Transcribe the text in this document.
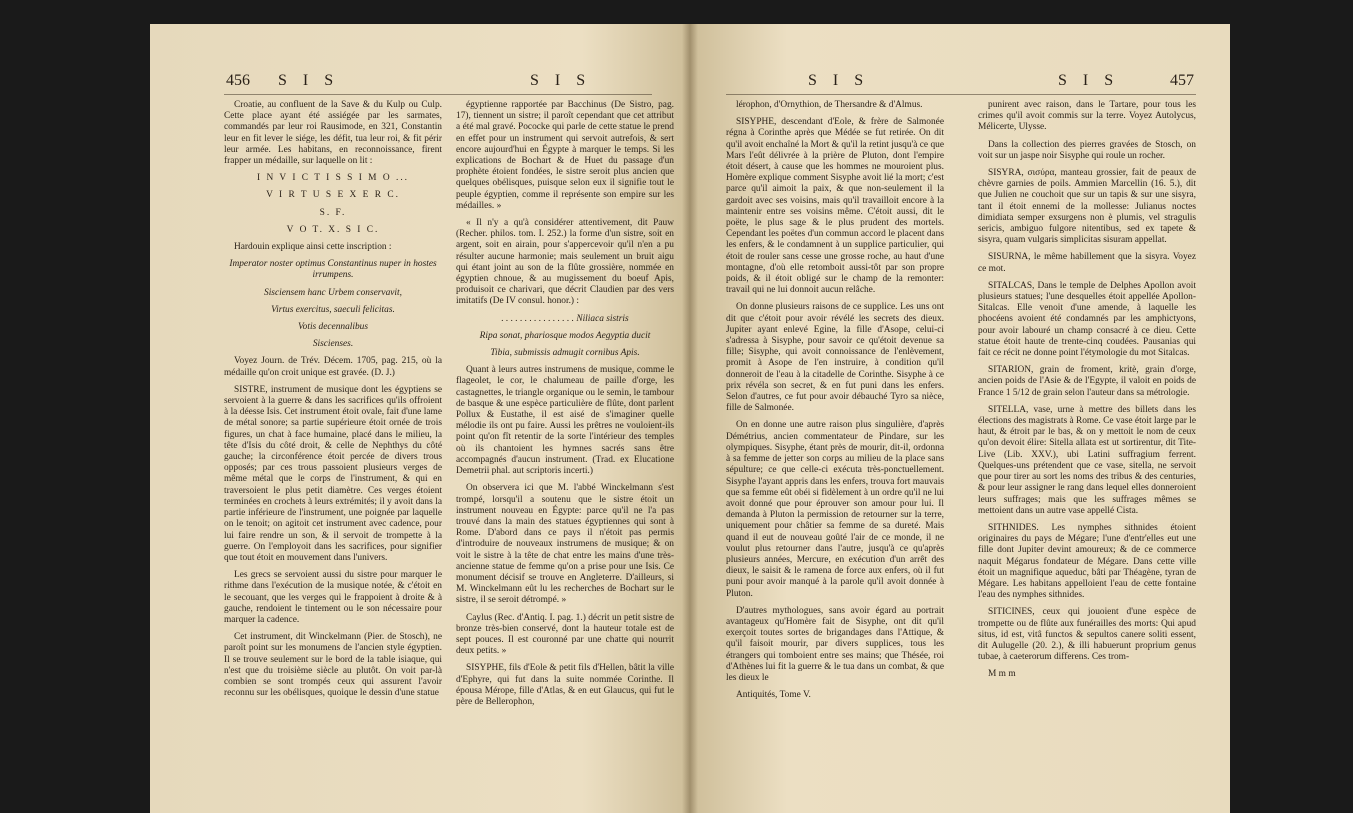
456 S I S	S I S

Croatie, au confluent de la Save & du Kulp ou Culp. Cette place ayant été assiégée par les sarmates, commandés par leur roi Rausimode, en 321, Constantin leur en fit lever le siége, les défit, tua leur roi, & fit périr leur armée. Les habitans, en reconnoissance, firent frapper un médaille, sur laquelle on lit :

I N V I C T I S S I M O ...

V I R T U S E X E R C.

S. F.

V O T. X. S I C.

Hardouin explique ainsi cette inscription :

Imperator noster optimus Constantinus nuper in hostes irrumpens.

Sisciensem hanc Urbem conservavit,

Virtus exercitus, saeculi felicitas.

Votis decennalibus

Siscienses.

Voyez Journ. de Trév. Décem. 1705, pag. 215, où la médaille qu'on croit unique est gravée. (D. J.)

SISTRE, instrument de musique dont les égyptiens se servoient à la guerre & dans les sacrifices qu'ils offroient à la déesse Isis. Cet instrument étoit ovale, fait d'une lame de métal sonore; sa partie supérieure étoit ornée de trois figures, un chat à face humaine, placé dans le milieu, la tête d'Isis du côté droit, & celle de Nephthys du côté gauche; la circonférence étoit percée de divers trous opposés; par ces trous passoient plusieurs verges de même métal que le corps de l'instrument, & qui en traversoient le plus petit diamètre. Ces verges étoient terminées en crochets à leurs extrémités; il y avoit dans la partie inférieure de l'instrument, une poignée par laquelle on le tenoit; on agitoit cet instrument avec cadence, pour lui faire rendre un son, & il servoit de trompette à la guerre. On l'employoit dans les sacrifices, pour signifier que tout étoit en mouvement dans l'univers.

Les grecs se servoient aussi du sistre pour marquer le rithme dans l'exécution de la musique notée, & c'étoit en le secouant, que les verges qui le frappoient à droite & à gauche, rendoient le tintement ou le son nécessaire pour marquer la cadence.

Cet instrument, dit Winckelmann (Pier. de Stosch), ne paroît point sur les monumens de l'ancien style égyptien. Il se trouve seulement sur le bord de la table isiaque, qui n'est que du troisième siècle au plutôt. On voit par-là combien se sont trompés ceux qui assurent l'avoir reconnu sur les obélisques, quoique le dessin d'une statue

égyptienne rapportée par Bacchinus (De Sistro, pag. 17), tiennent un sistre; il paroît cependant que cet attribut a été mal gravé. Pococke qui parle de cette statue le prend en effet pour un instrument qui servoit autrefois, & sert encore aujourd'hui en Égypte à marquer le temps. Si les explications de Bochart & de Huet du passage d'un prophète étoient fondées, le sistre seroit plus ancien que quelques obélisques, puisque selon eux il signifie tout le peuple égyptien, comme il représente son empire sur les médailles. »

« Il n'y a qu'à considérer attentivement, dit Pauw (Recher. philos. tom. I. 252.) la forme d'un sistre, soit en argent, soit en airain, pour s'appercevoir qu'il n'en a pu résulter aucune harmonie; mais seulement un bruit aigu qui étant joint au son de la flûte grossière, nommée en égyptien chnoue, & au mugissement du boeuf Apis, produisoit ce charivari, que décrit Claudien par des vers imitatifs (De IV consul. honor.) :

. . . . . . . . . . . . . . . . Niliaca sistris

Ripa sonat, phariosque modos Aegyptia ducit

Tibia, submissis admugit cornibus Apis.

Quant à leurs autres instrumens de musique, comme le flageolet, le cor, le chalumeau de paille d'orge, les castagnettes, le triangle organique ou le semin, le tambour de basque & une espèce particulière de flûte, dont parlent Pollux & Eustathe, il est aisé de s'imaginer quelle mélodie ils ont pu faire. Aussi les prêtres ne vouloient-ils point qu'on fît retentir de la sorte l'intérieur des temples où ils chantoient les hymnes sacrés sans être accompagnés d'aucun instrument. (Trad. ex Elucatione Demetrii phal. aut scriptoris incerti.)

On observera ici que M. l'abbé Winckelmann s'est trompé, lorsqu'il a soutenu que le sistre étoit un instrument nouveau en Égypte: parce qu'il ne l'a pas trouvé dans la main des statues égyptiennes qui sont à Rome. D'abord dans ce pays il n'étoit pas permis d'introduire de nouveaux instrumens de musique; & on voit le sistre à la tête de chat entre les mains d'une très-ancienne statue de femme qu'on a prise pour une Isis. Ce monument décisif se trouve en Angleterre. D'ailleurs, si M. Winckelmann eût lu les recherches de Bochart sur le sistre, il se seroit détrompé. »

Caylus (Rec. d'Antiq. I. pag. 1.) décrit un petit sistre de bronze très-bien conservé, dont la hauteur totale est de sept pouces. Il est couronné par une chatte qui nourrit deux petits. »

SISYPHE, fils d'Eole & petit fils d'Hellen, bâtit la ville d'Ephyre, qui fut dans la suite nommée Corinthe. Il épousa Mérope, fille d'Atlas, & en eut Glaucus, qui fut le père de Bellerophon,

S I S	S I S	457

lérophon, d'Ornythion, de Thersandre & d'Almus.

SISYPHE, descendant d'Eole, & frère de Salmonée régna à Corinthe après que Médée se fut retirée. On dit qu'il avoit enchaîné la Mort & qu'il la retint jusqu'à ce que Mars l'eût délivrée à la prière de Pluton, dont l'empire étoit désert, à cause que les hommes ne mouroient plus. Homère explique comment Sisyphe avoit lié la mort; c'est parce qu'il aimoit la paix, & que non-seulement il la gardoit avec ses voisins, mais qu'il travailloit encore à la maintenir entre ses voisins même. C'étoit aussi, dit le poëte, le plus sage & le plus prudent des mortels. Cependant les poëtes d'un commun accord le placent dans les enfers, & le condamnent à un supplice particulier, qui étoit de rouler sans cesse une grosse roche, au haut d'une montagne, d'où elle retomboit aussi-tôt par son propre poids, & il étoit obligé sur le champ de la remonter: travail qui ne lui donnoit aucun relâche.

On donne plusieurs raisons de ce supplice. Les uns ont dit que c'étoit pour avoir révélé les secrets des dieux. Jupiter ayant enlevé Egine, la fille d'Asope, celui-ci s'adressa à Sisyphe, pour savoir ce qu'étoit devenue sa fille; Sisyphe, qui avoit connoissance de l'enlèvement, promit à Asope de l'en instruire, à condition qu'il donneroit de l'eau à la citadelle de Corinthe. Sisyphe à ce prix révéla son secret, & en fut puni dans les enfers. Selon d'autres, ce fut pour avoir débauché Tyro sa nièce, fille de Salmonée.

On en donne une autre raison plus singulière, d'après Démétrius, ancien commentateur de Pindare, sur les olympiques. Sisyphe, étant près de mourir, dit-il, ordonna à sa femme de jetter son corps au milieu de la place sans sépulture; ce que celle-ci exécuta très-ponctuellement. Sisyphe l'ayant appris dans les enfers, trouva fort mauvais que sa femme eût obéi si fidèlement à un ordre qu'il ne lui avoit donné que pour éprouver son amour pour lui. Il demanda à Pluton la permission de retourner sur la terre, uniquement pour châtier sa femme de sa dureté. Mais quand il eut de nouveau goûté l'air de ce monde, il ne voulut plus retourner dans l'autre, jusqu'à ce qu'après plusieurs années, Mercure, en exécution d'un arrêt des dieux, le saisit & le ramena de force aux enfers, où il fut puni pour avoir manqué à la parole qu'il avoit donnée à Pluton.

D'autres mythologues, sans avoir égard au portrait avantageux qu'Homère fait de Sisyphe, ont dit qu'il exerçoit toutes sortes de brigandages dans l'Attique, & qu'il faisoit mourir, par divers supplices, tous les étrangers qui tomboient entre ses mains; que Thésée, roi d'Athènes lui fit la guerre & le tua dans un combat, & que les dieux le

Antiquités, Tome V.

punirent avec raison, dans le Tartare, pour tous les crimes qu'il avoit commis sur la terre. Voyez Autolycus, Mélicerte, Ulysse.

Dans la collection des pierres gravées de Stosch, on voit sur un jaspe noir Sisyphe qui roule un rocher.

SISYRA, σισύρα, manteau grossier, fait de peaux de chèvre garnies de poils. Ammien Marcellin (16. 5.), dit que Julien ne couchoit que sur un tapis & sur une sisyra, tant il étoit ennemi de la mollesse: Julianus noctes dimidiata semper exsurgens non è plumis, vel stragulis sericis, ambiguo fulgore nitentibus, sed ex tapete & sisyra, quam vulgaris simplicitas sisuram appellat.

SISURNA, le même habillement que la sisyra. Voyez ce mot.

SITALCAS, Dans le temple de Delphes Apollon avoit plusieurs statues; l'une desquelles étoit appellée Apollon-Sitalcas. Elle venoit d'une amende, à laquelle les phocéens avoient été condamnés par les amphictyons, pour avoir labouré un champ consacré à ce dieu. Cette statue étoit haute de trente-cinq coudées. Pausanias qui fait ce récit ne donne point l'étymologie du mot Sitalcas.

SITARION, grain de froment, kritè, grain d'orge, ancien poids de l'Asie & de l'Egypte, il valoit en poids de France 1 5/12 de grain selon l'auteur dans sa métrologie.

SITELLA, vase, urne à mettre des billets dans les élections des magistrats à Rome. Ce vase étoit large par le haut, & étroit par le bas, & on y mettoit le nom de ceux qu'on devoit élire: Sitella allata est ut sortirentur, dit Tite-Live (Lib. XXV.), ubi Latini suffragium ferrent. Quelques-uns prétendent que ce vase, sitella, ne servoit que pour tirer au sort les noms des tribus & des centuries, & pour leur assigner le rang dans lequel elles donneroient leurs suffrages; mais que les suffrages mêmes se mettoient dans un autre vase appellé Cista.

SITHNIDES. Les nymphes sithnides étoient originaires du pays de Mégare; l'une d'entr'elles eut une fille dont Jupiter devint amoureux; & de ce commerce naquit Mégarus fondateur de Mégare. Dans cette ville étoit un magnifique aqueduc, bâti par Théagène, tyran de Mégare. Les habitans appelloient l'eau de cette fontaine l'eau des nymphes sithnides.

SITICINES, ceux qui jouoient d'une espèce de trompette ou de flûte aux funérailles des morts: Qui apud situs, id est, vitâ functos & sepultos canere soliti essent, dit Aulugelle (20. 2.), & illi habuerunt proprium genus tubae, à caeterorum differens. Ces trom-

M m m
